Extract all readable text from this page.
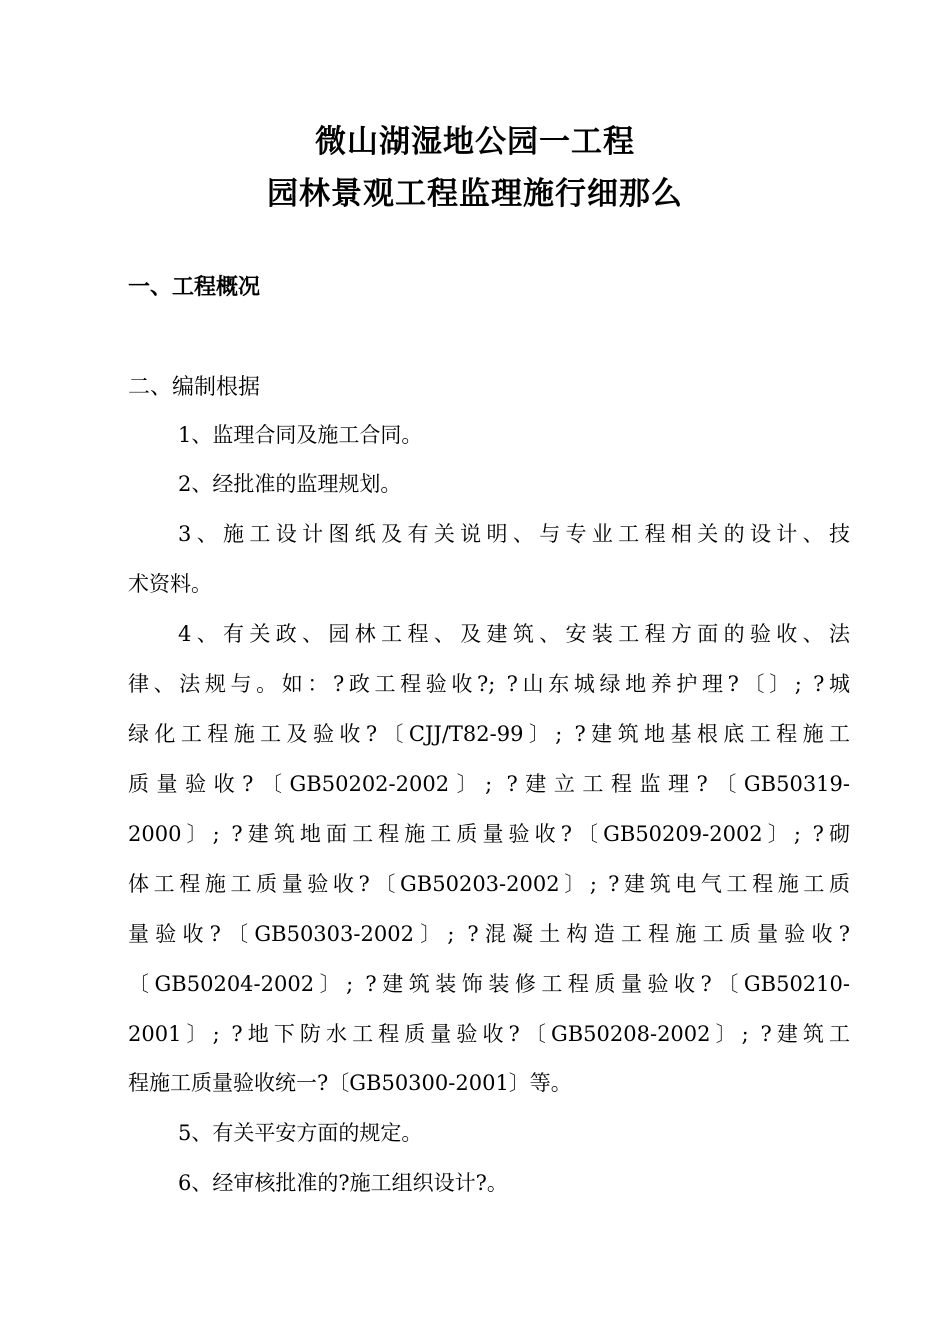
微山湖湿地公园一工程
园林景观工程监理施行细那么
一、工程概况
二、编制根据
1、监理合同及施工合同。
2、经批准的监理规划。
3、施工设计图纸及有关说明、与专业工程相关的设计、技
术资料。
4、有关政、园林工程、及建筑、安装工程方面的验收、法
律、法规与。如：?政工程验收?; ?山东城绿地养护理?〔〕; ?城
绿化工程施工及验收?〔CJJ/T82-99〕; ?建筑地基根底工程施工
质量验收?〔GB50202-2002〕; ?建立工程监理?〔GB50319-
2000〕; ?建筑地面工程施工质量验收?〔GB50209-2002〕; ?砌
体工程施工质量验收?〔GB50203-2002〕; ?建筑电气工程施工质
量验收?〔GB50303-2002〕; ?混凝土构造工程施工质量验收?
〔GB50204-2002〕; ?建筑装饰装修工程质量验收?〔GB50210-
2001〕; ?地下防水工程质量验收?〔GB50208-2002〕; ?建筑工
程施工质量验收统一?〔GB50300-2001〕等。
5、有关平安方面的规定。
6、经审核批准的?施工组织设计?。
